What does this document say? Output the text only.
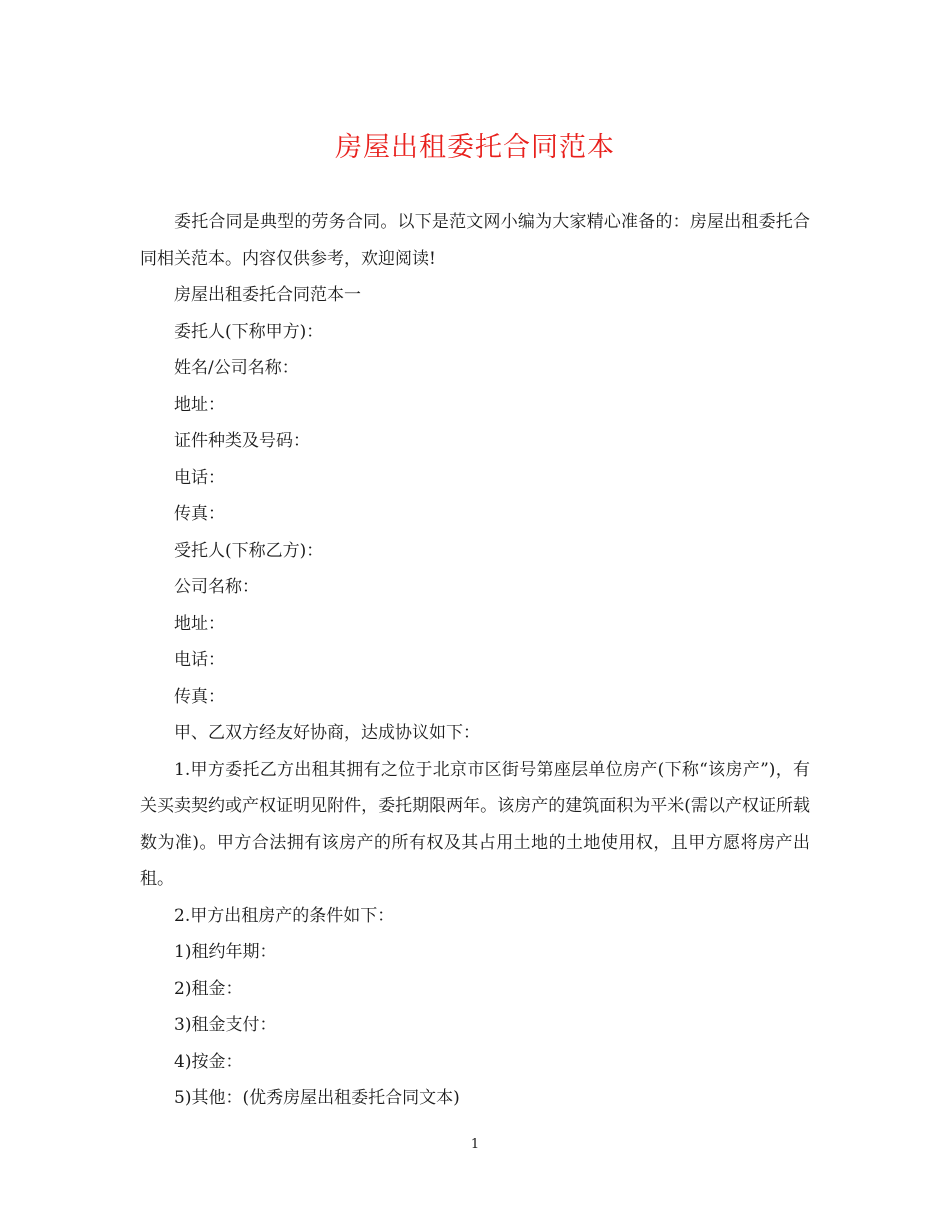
房屋出租委托合同范本

委托合同是典型的劳务合同。以下是范文网小编为大家精心准备的：房屋出租委托合同相关范本。内容仅供参考，欢迎阅读!

房屋出租委托合同范本一

委托人(下称甲方)：

姓名/公司名称：

地址：

证件种类及号码：

电话：

传真：

受托人(下称乙方)：

公司名称：

地址：

电话：

传真：

甲、乙双方经友好协商，达成协议如下：

1.甲方委托乙方出租其拥有之位于北京市区街号第座层单位房产(下称“该房产”)，有关买卖契约或产权证明见附件，委托期限两年。该房产的建筑面积为平米(需以产权证所载数为准)。甲方合法拥有该房产的所有权及其占用土地的土地使用权，且甲方愿将房产出租。

2.甲方出租房产的条件如下：

1)租约年期：

2)租金：

3)租金支付：

4)按金：

5)其他：(优秀房屋出租委托合同文本)

1
